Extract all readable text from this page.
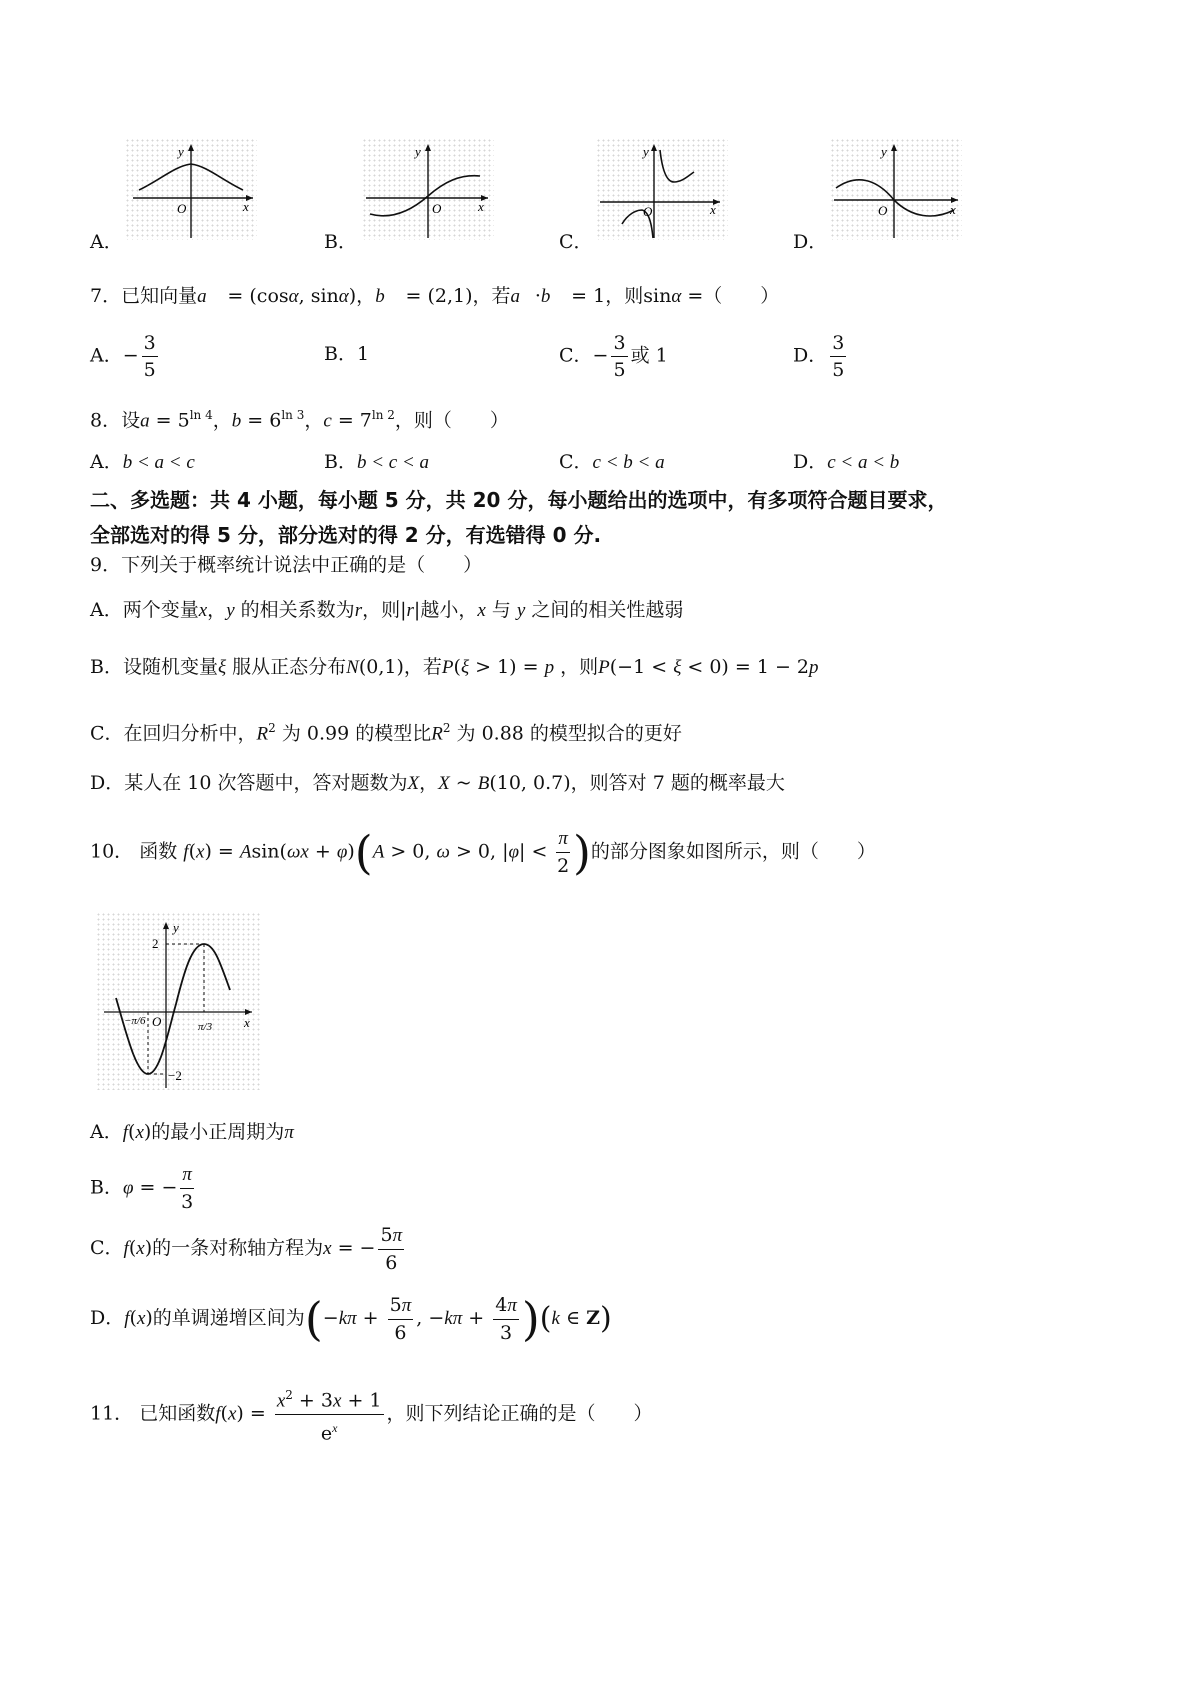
y
x
O
A．
y
x
O
B．
y
x
O
C．
y
x
O
D．
7．已知向量a⃗ = (cosα, sinα)，b⃗ = (2,1)，若a⃗·b⃗ = 1，则sinα =（　　）
A．− $\frac{3}{5}$	B．1	C．− $\frac{3}{5}$ 或 1	D． $\frac{3}{5}$
8．设$a = 5^{ln 4}$，$b = 6^{ln 3}$，$c = 7^{ln 2}$，则（　　）
A．b < a < c	B．b < c < a	C．c < b < a	D．c < a < b
二、多选题：共 4 小题，每小题 5 分，共 20 分，每小题给出的选项中，有多项符合题目要求，
全部选对的得 5 分，部分选对的得 2 分，有选错得 0 分.
9．下列关于概率统计说法中正确的是（　　）
A．两个变量x，y 的相关系数为r，则|r|越小，x 与 y 之间的相关性越弱
B．设随机变量ξ 服从正态分布N(0,1)，若P(ξ > 1) = p ，则P(−1 < ξ < 0) = 1 − 2p
C．在回归分析中，$R^2$ 为 0.99 的模型比$R^2$ 为 0.88 的模型拟合的更好
D．某人在 10 次答题中，答对题数为X，X ~ B(10, 0.7)，则答对 7 题的概率最大
10． 函数 f(x) = Asin(ωx + φ)(A > 0, ω > 0, $|\varphi| < \frac{\pi}{2}$ )的部分图象如图所示，则（　　）
y
x
2
−2
O
−π/6	π/3
A．f(x)的最小正周期为π
B．φ = − $\frac{\pi}{3}$
C．f(x)的一条对称轴方程为x = − $\frac{5\pi}{6}$
D．f(x)的单调递增区间为($-k\pi + \frac{5\pi}{6}$ , $-k\pi + \frac{4\pi}{3} )(k$ ∈ Z)
11． 已知函数$f(x) = \frac{x^2 + 3x + 1}{e^x}$ ，则下列结论正确的是（　　）
